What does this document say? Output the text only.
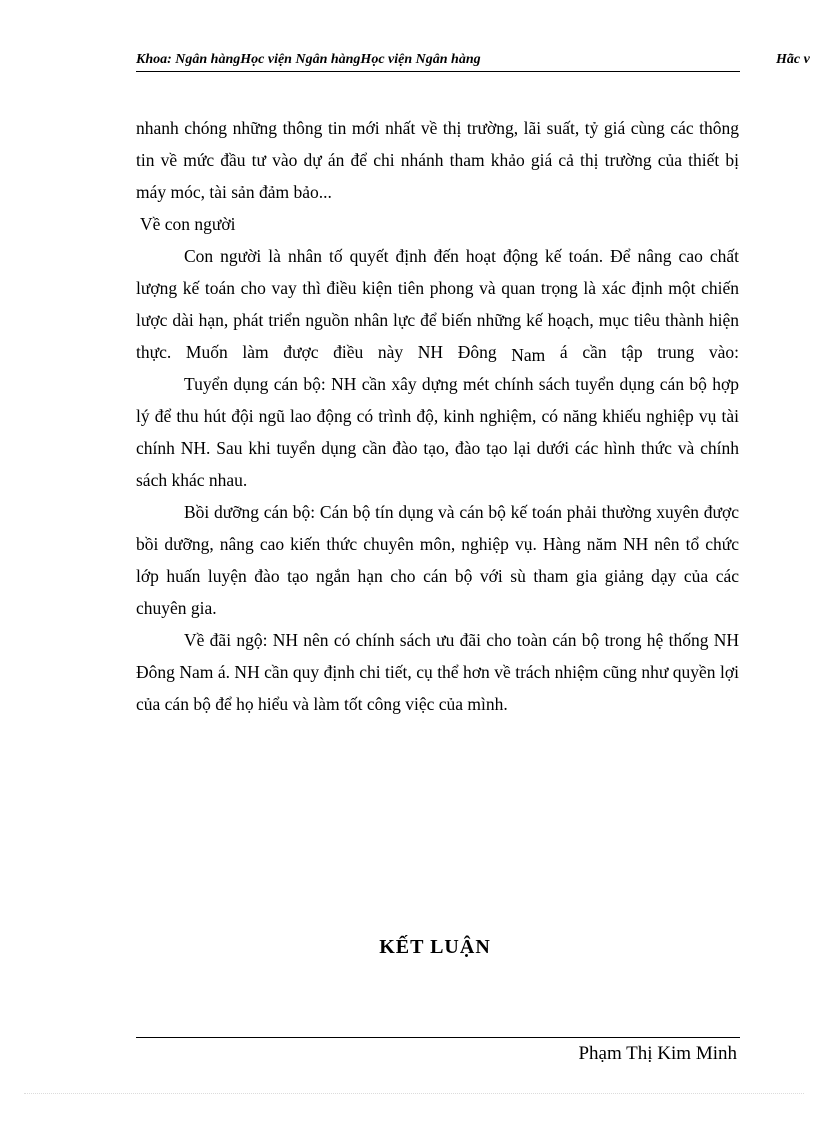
Khoa: Ngân hàngHọc viện Ngân hàngHọc viện Ngân hàng	Hãc v

nhanh chóng những thông tin mới nhất về thị trường, lãi suất, tỷ giá cùng các thông tin về mức đầu tư vào dự án để chi nhánh tham khảo giá cả thị trường của thiết bị máy móc, tài sản đảm bảo...

Về con người

Con người là nhân tố quyết định đến hoạt động kế toán. Để nâng cao chất lượng kế toán cho vay thì điều kiện tiên phong và quan trọng là xác định một chiến lược dài hạn, phát triển nguồn nhân lực để biến những kế hoạch, mục tiêu thành hiện thực. Muốn làm được điều này NH Đông Nam á cần tập trung vào:

Tuyển dụng cán bộ: NH cần xây dựng mét chính sách tuyển dụng cán bộ hợp lý để thu hút đội ngũ lao động có trình độ, kinh nghiệm, có năng khiếu nghiệp vụ tài chính NH. Sau khi tuyển dụng cần đào tạo, đào tạo lại dưới các hình thức và chính sách khác nhau.

Bồi dưỡng cán bộ: Cán bộ tín dụng và cán bộ kế toán phải thường xuyên được bồi dưỡng, nâng cao kiến thức chuyên môn, nghiệp vụ. Hàng năm NH nên tổ chức lớp huấn luyện đào tạo ngắn hạn cho cán bộ với sù tham gia giảng dạy của các chuyên gia.

Về đãi ngộ: NH nên có chính sách ưu đãi cho toàn cán bộ trong hệ thống NH Đông Nam á. NH cần quy định chi tiết, cụ thể hơn về trách nhiệm cũng như quyền lợi của cán bộ để họ hiểu và làm tốt công việc của mình.

KẾT LUẬN
Phạm Thị Kim Minh
